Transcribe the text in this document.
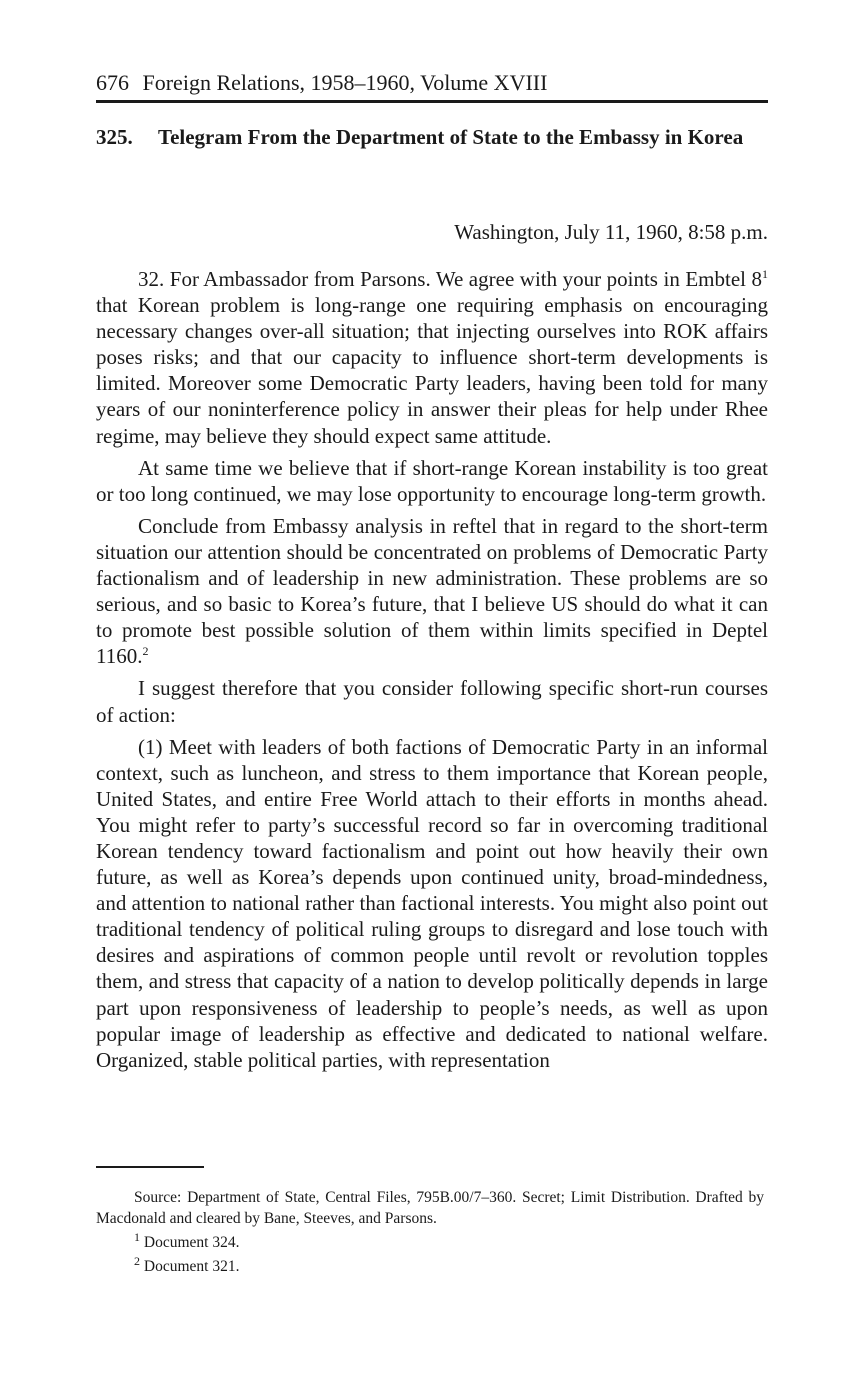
676 Foreign Relations, 1958–1960, Volume XVIII
325. Telegram From the Department of State to the Embassy in Korea
Washington, July 11, 1960, 8:58 p.m.

32. For Ambassador from Parsons. We agree with your points in Embtel $8^1$ that Korean problem is long-range one requiring emphasis on encouraging necessary changes over-all situation; that injecting ourselves into ROK affairs poses risks; and that our capacity to influence short-term developments is limited. Moreover some Democratic Party leaders, having been told for many years of our noninterference policy in answer their pleas for help under Rhee regime, may believe they should expect same attitude.

At same time we believe that if short-range Korean instability is too great or too long continued, we may lose opportunity to encourage long-term growth.

Conclude from Embassy analysis in reftel that in regard to the short-term situation our attention should be concentrated on problems of Democratic Party factionalism and of leadership in new administration. These problems are so serious, and so basic to Korea’s future, that I believe US should do what it can to promote best possible solution of them within limits specified in Deptel 1160.$^2$

I suggest therefore that you consider following specific short-run courses of action:

(1) Meet with leaders of both factions of Democratic Party in an informal context, such as luncheon, and stress to them importance that Korean people, United States, and entire Free World attach to their efforts in months ahead. You might refer to party’s successful record so far in overcoming traditional Korean tendency toward factionalism and point out how heavily their own future, as well as Korea’s depends upon continued unity, broad-mindedness, and attention to national rather than factional interests. You might also point out traditional tendency of political ruling groups to disregard and lose touch with desires and aspirations of common people until revolt or revolution topples them, and stress that capacity of a nation to develop politically depends in large part upon responsiveness of leadership to people’s needs, as well as upon popular image of leadership as effective and dedicated to national welfare. Organized, stable political parties, with representation

Source: Department of State, Central Files, 795B.00/7–360. Secret; Limit Distribution. Drafted by Macdonald and cleared by Bane, Steeves, and Parsons.

$^1$ Document 324.

$^2$ Document 321.
